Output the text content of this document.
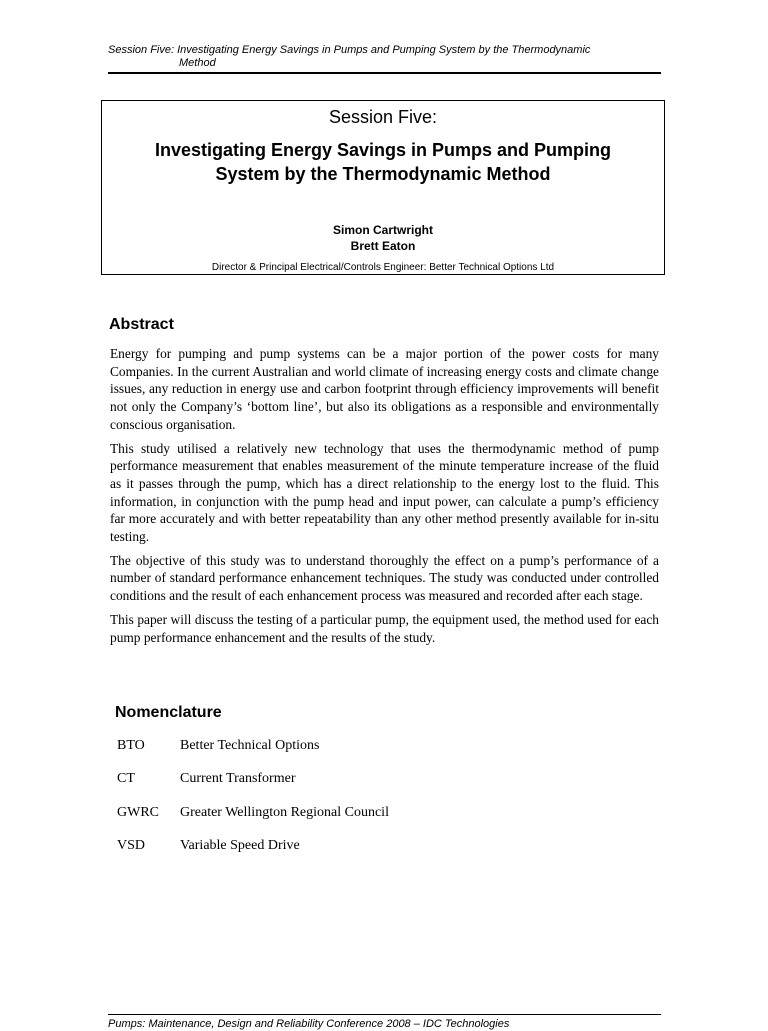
Session Five: Investigating Energy Savings in Pumps and Pumping System by the Thermodynamic
Method
Session Five:
Investigating Energy Savings in Pumps and Pumping
System by the Thermodynamic Method
Simon Cartwright
Brett Eaton
Director & Principal Electrical/Controls Engineer: Better Technical Options Ltd
Abstract

Energy for pumping and pump systems can be a major portion of the power costs for many Companies. In the current Australian and world climate of increasing energy costs and climate change issues, any reduction in energy use and carbon footprint through efficiency improvements will benefit not only the Company’s ‘bottom line’, but also its obligations as a responsible and environmentally conscious organisation.

This study utilised a relatively new technology that uses the thermodynamic method of pump performance measurement that enables measurement of the minute temperature increase of the fluid as it passes through the pump, which has a direct relationship to the energy lost to the fluid. This information, in conjunction with the pump head and input power, can calculate a pump’s efficiency far more accurately and with better repeatability than any other method presently available for in-situ testing.

The objective of this study was to understand thoroughly the effect on a pump’s performance of a number of standard performance enhancement techniques. The study was conducted under controlled conditions and the result of each enhancement process was measured and recorded after each stage.

This paper will discuss the testing of a particular pump, the equipment used, the method used for each pump performance enhancement and the results of the study.

Nomenclature
BTO	Better Technical Options
CT	Current Transformer
GWRC Greater Wellington Regional Council
VSD Variable Speed Drive
Pumps: Maintenance, Design and Reliability Conference 2008 – IDC Technologies
